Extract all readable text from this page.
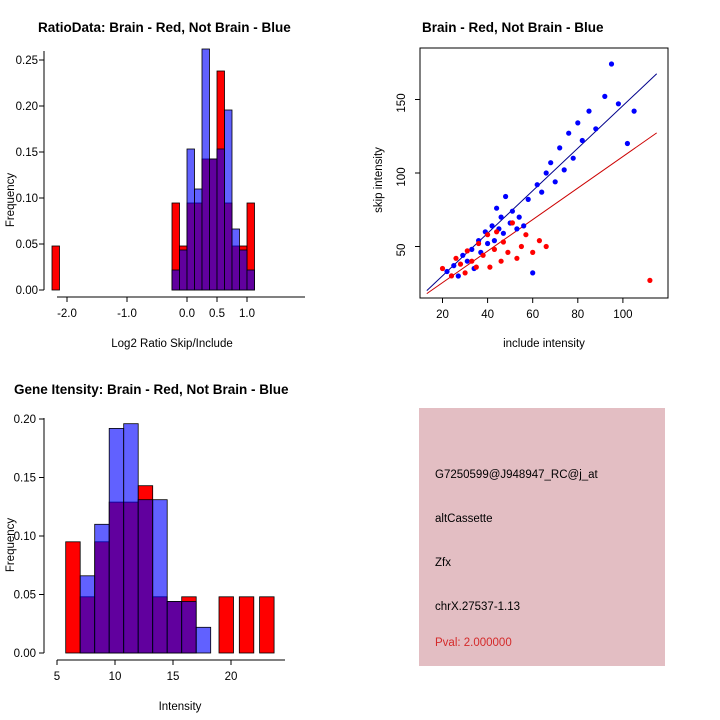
RatioData: Brain - Red, Not Brain - Blue
0.00
0.05
0.10
0.15
0.20
0.25
Frequency
-2.0	-1.0	0.0 0.5 1.0
Log2 Ratio Skip/Include
Brain - Red, Not Brain - Blue
50
100
150
skip intensity
20	40	60	80	100
include intensity
Gene Itensity: Brain - Red, Not Brain - Blue
0.00
0.05
0.10
0.15
0.20
Frequency
5	10	15	20
Intensity
G7250599@J948947_RC@j_at
altCassette
Zfx
chrX.27537-1.13
Pval: 2.000000
